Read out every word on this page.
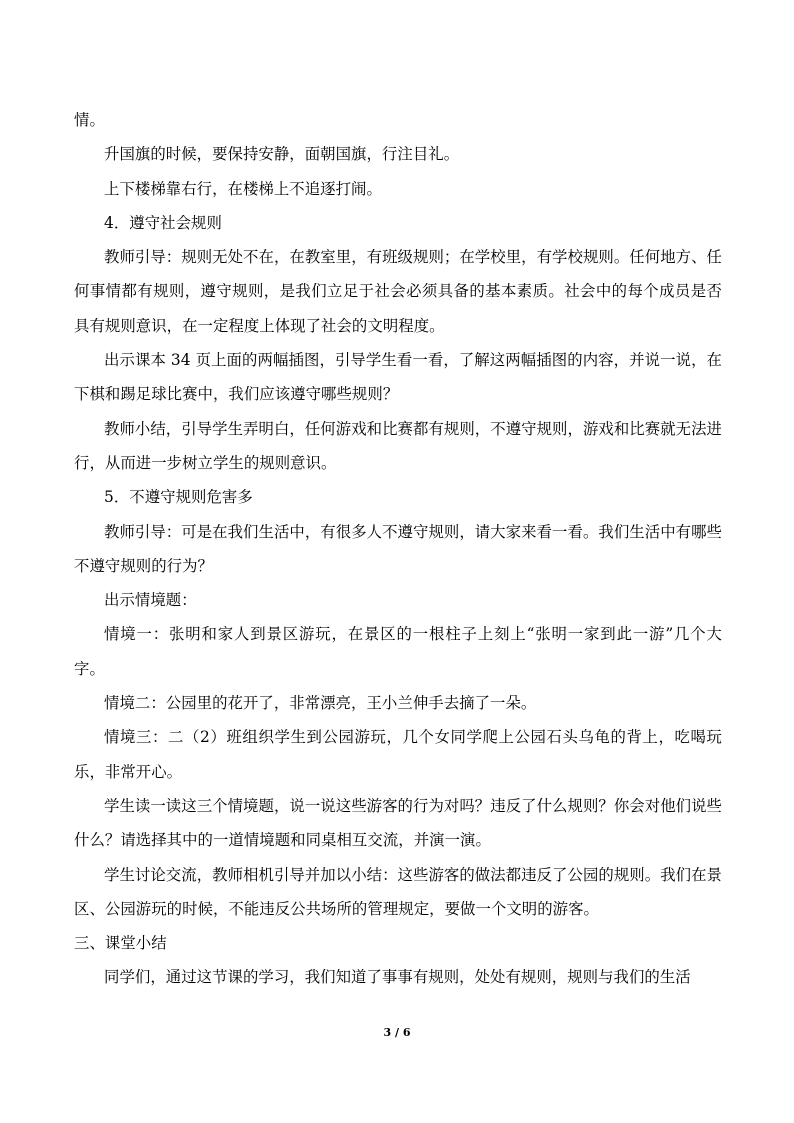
情。

升国旗的时候，要保持安静，面朝国旗，行注目礼。

上下楼梯靠右行，在楼梯上不追逐打闹。

4．遵守社会规则

教师引导：规则无处不在，在教室里，有班级规则；在学校里，有学校规则。任何地方、任何事情都有规则，遵守规则，是我们立足于社会必须具备的基本素质。社会中的每个成员是否具有规则意识，在一定程度上体现了社会的文明程度。

出示课本 34 页上面的两幅插图，引导学生看一看，了解这两幅插图的内容，并说一说，在下棋和踢足球比赛中，我们应该遵守哪些规则？

教师小结，引导学生弄明白，任何游戏和比赛都有规则，不遵守规则，游戏和比赛就无法进行，从而进一步树立学生的规则意识。

5．不遵守规则危害多

教师引导：可是在我们生活中，有很多人不遵守规则，请大家来看一看。我们生活中有哪些不遵守规则的行为？

出示情境题：

情境一：张明和家人到景区游玩，在景区的一根柱子上刻上“张明一家到此一游”几个大字。

情境二：公园里的花开了，非常漂亮，王小兰伸手去摘了一朵。

情境三：二（2）班组织学生到公园游玩，几个女同学爬上公园石头乌龟的背上，吃喝玩乐，非常开心。

学生读一读这三个情境题，说一说这些游客的行为对吗？违反了什么规则？你会对他们说些什么？请选择其中的一道情境题和同桌相互交流，并演一演。

学生讨论交流，教师相机引导并加以小结：这些游客的做法都违反了公园的规则。我们在景区、公园游玩的时候，不能违反公共场所的管理规定，要做一个文明的游客。

三、课堂小结

同学们，通过这节课的学习，我们知道了事事有规则，处处有规则，规则与我们的生活

3 / 6
